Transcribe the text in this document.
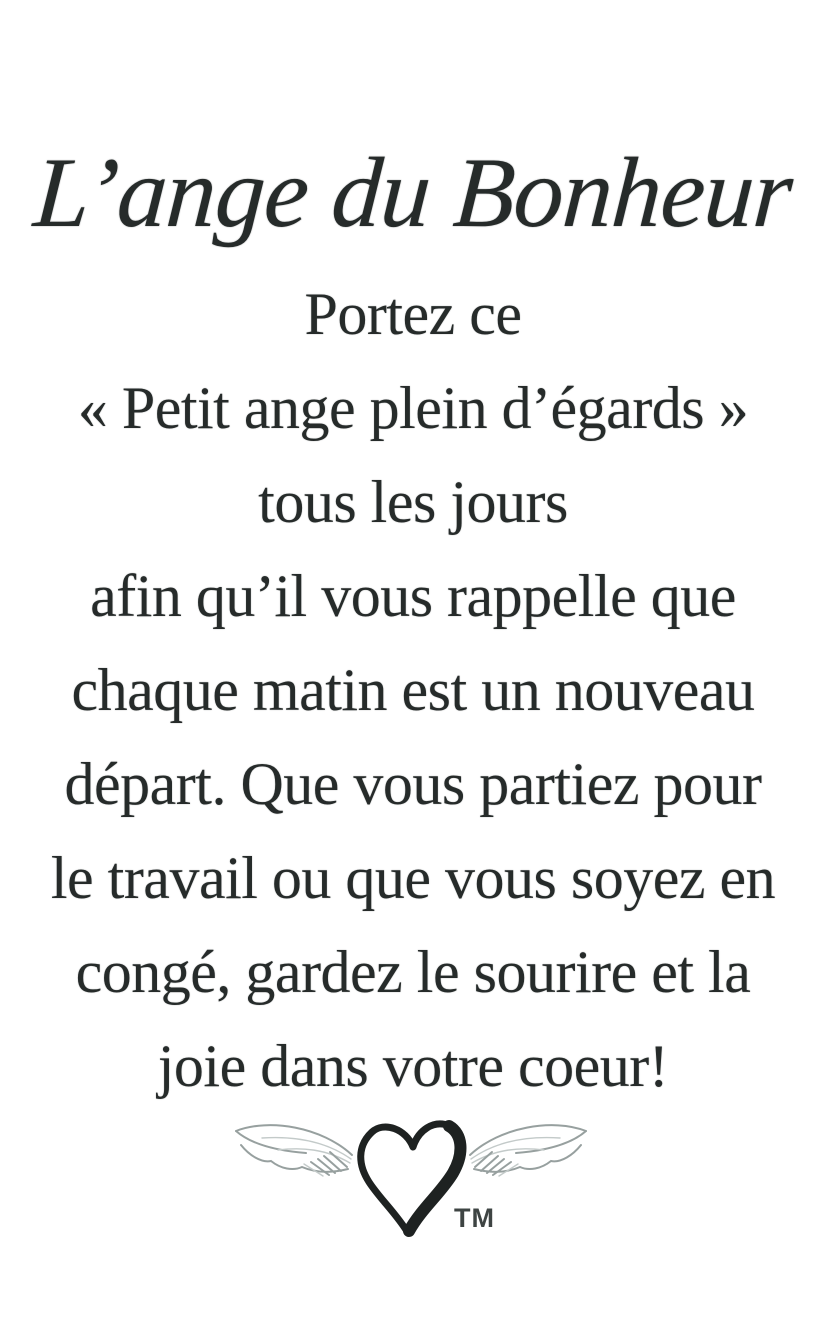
L’ange du Bonheur
Portez ce
« Petit ange plein d’égards »
tous les jours
afin qu’il vous rappelle que
chaque matin est un nouveau
départ. Que vous partiez pour
le travail ou que vous soyez en
congé, gardez le sourire et la
joie dans votre coeur!
TM
